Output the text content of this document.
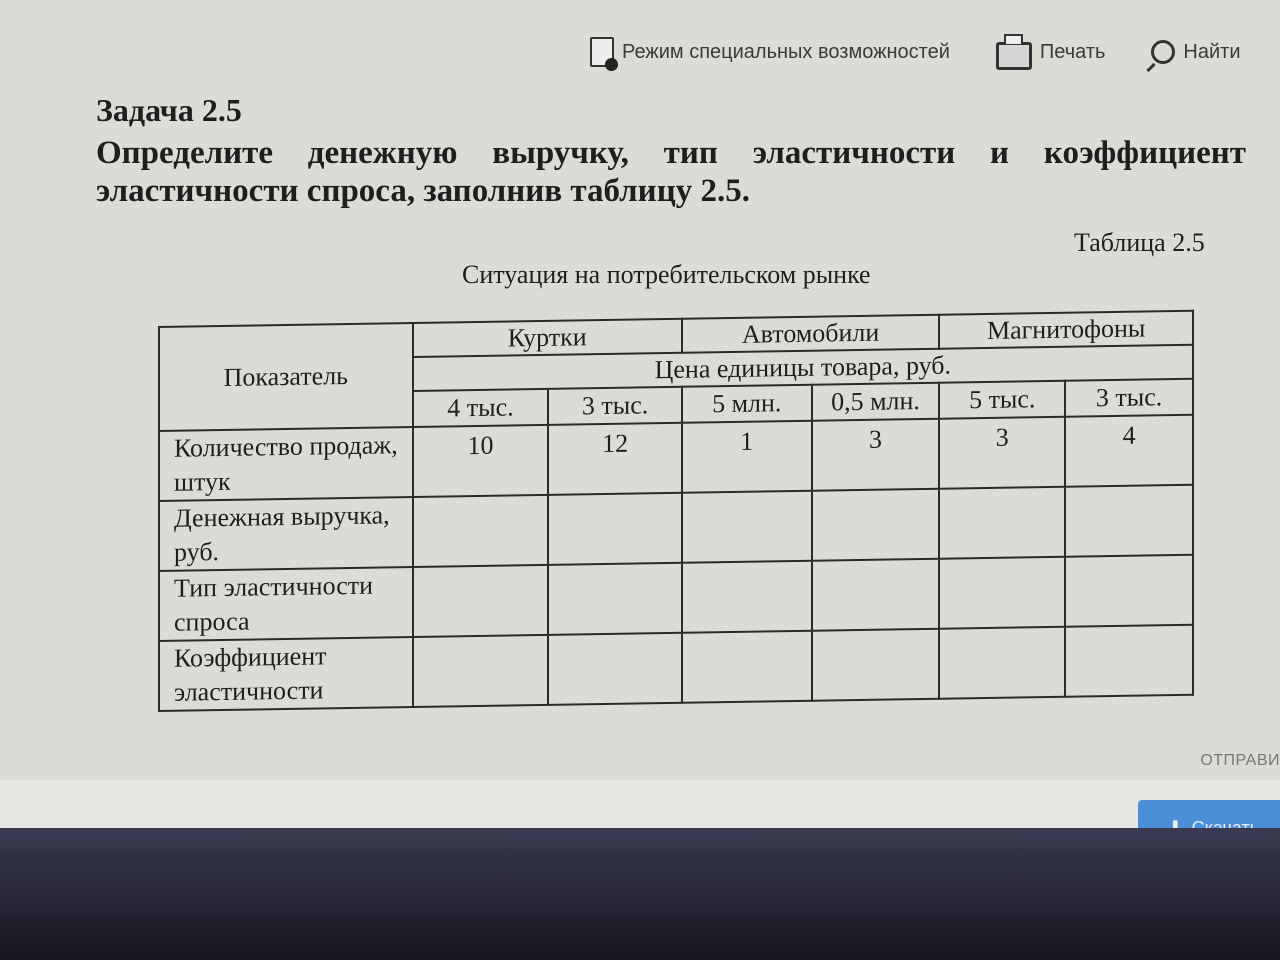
Режим специальных возможностей	Печать	Найти
Задача 2.5
Определите денежную выручку, тип эластичности и коэффициент эластичности спроса, заполнив таблицу 2.5.
Таблица 2.5
Ситуация на потребительском рынке
Показатель	Куртки		Автомобили		Магнитофоны	
	Цена единицы товара, руб.					
	4 тыс.	3 тыс.	5 млн.	0,5 млн.	5 тыс.	3 тыс.
Количество продаж, штук	10	12	1	3	3	4
Денежная выручка, руб.						
Тип эластичности спроса						
Коэффициент эластичности						
ОТПРАВИ
